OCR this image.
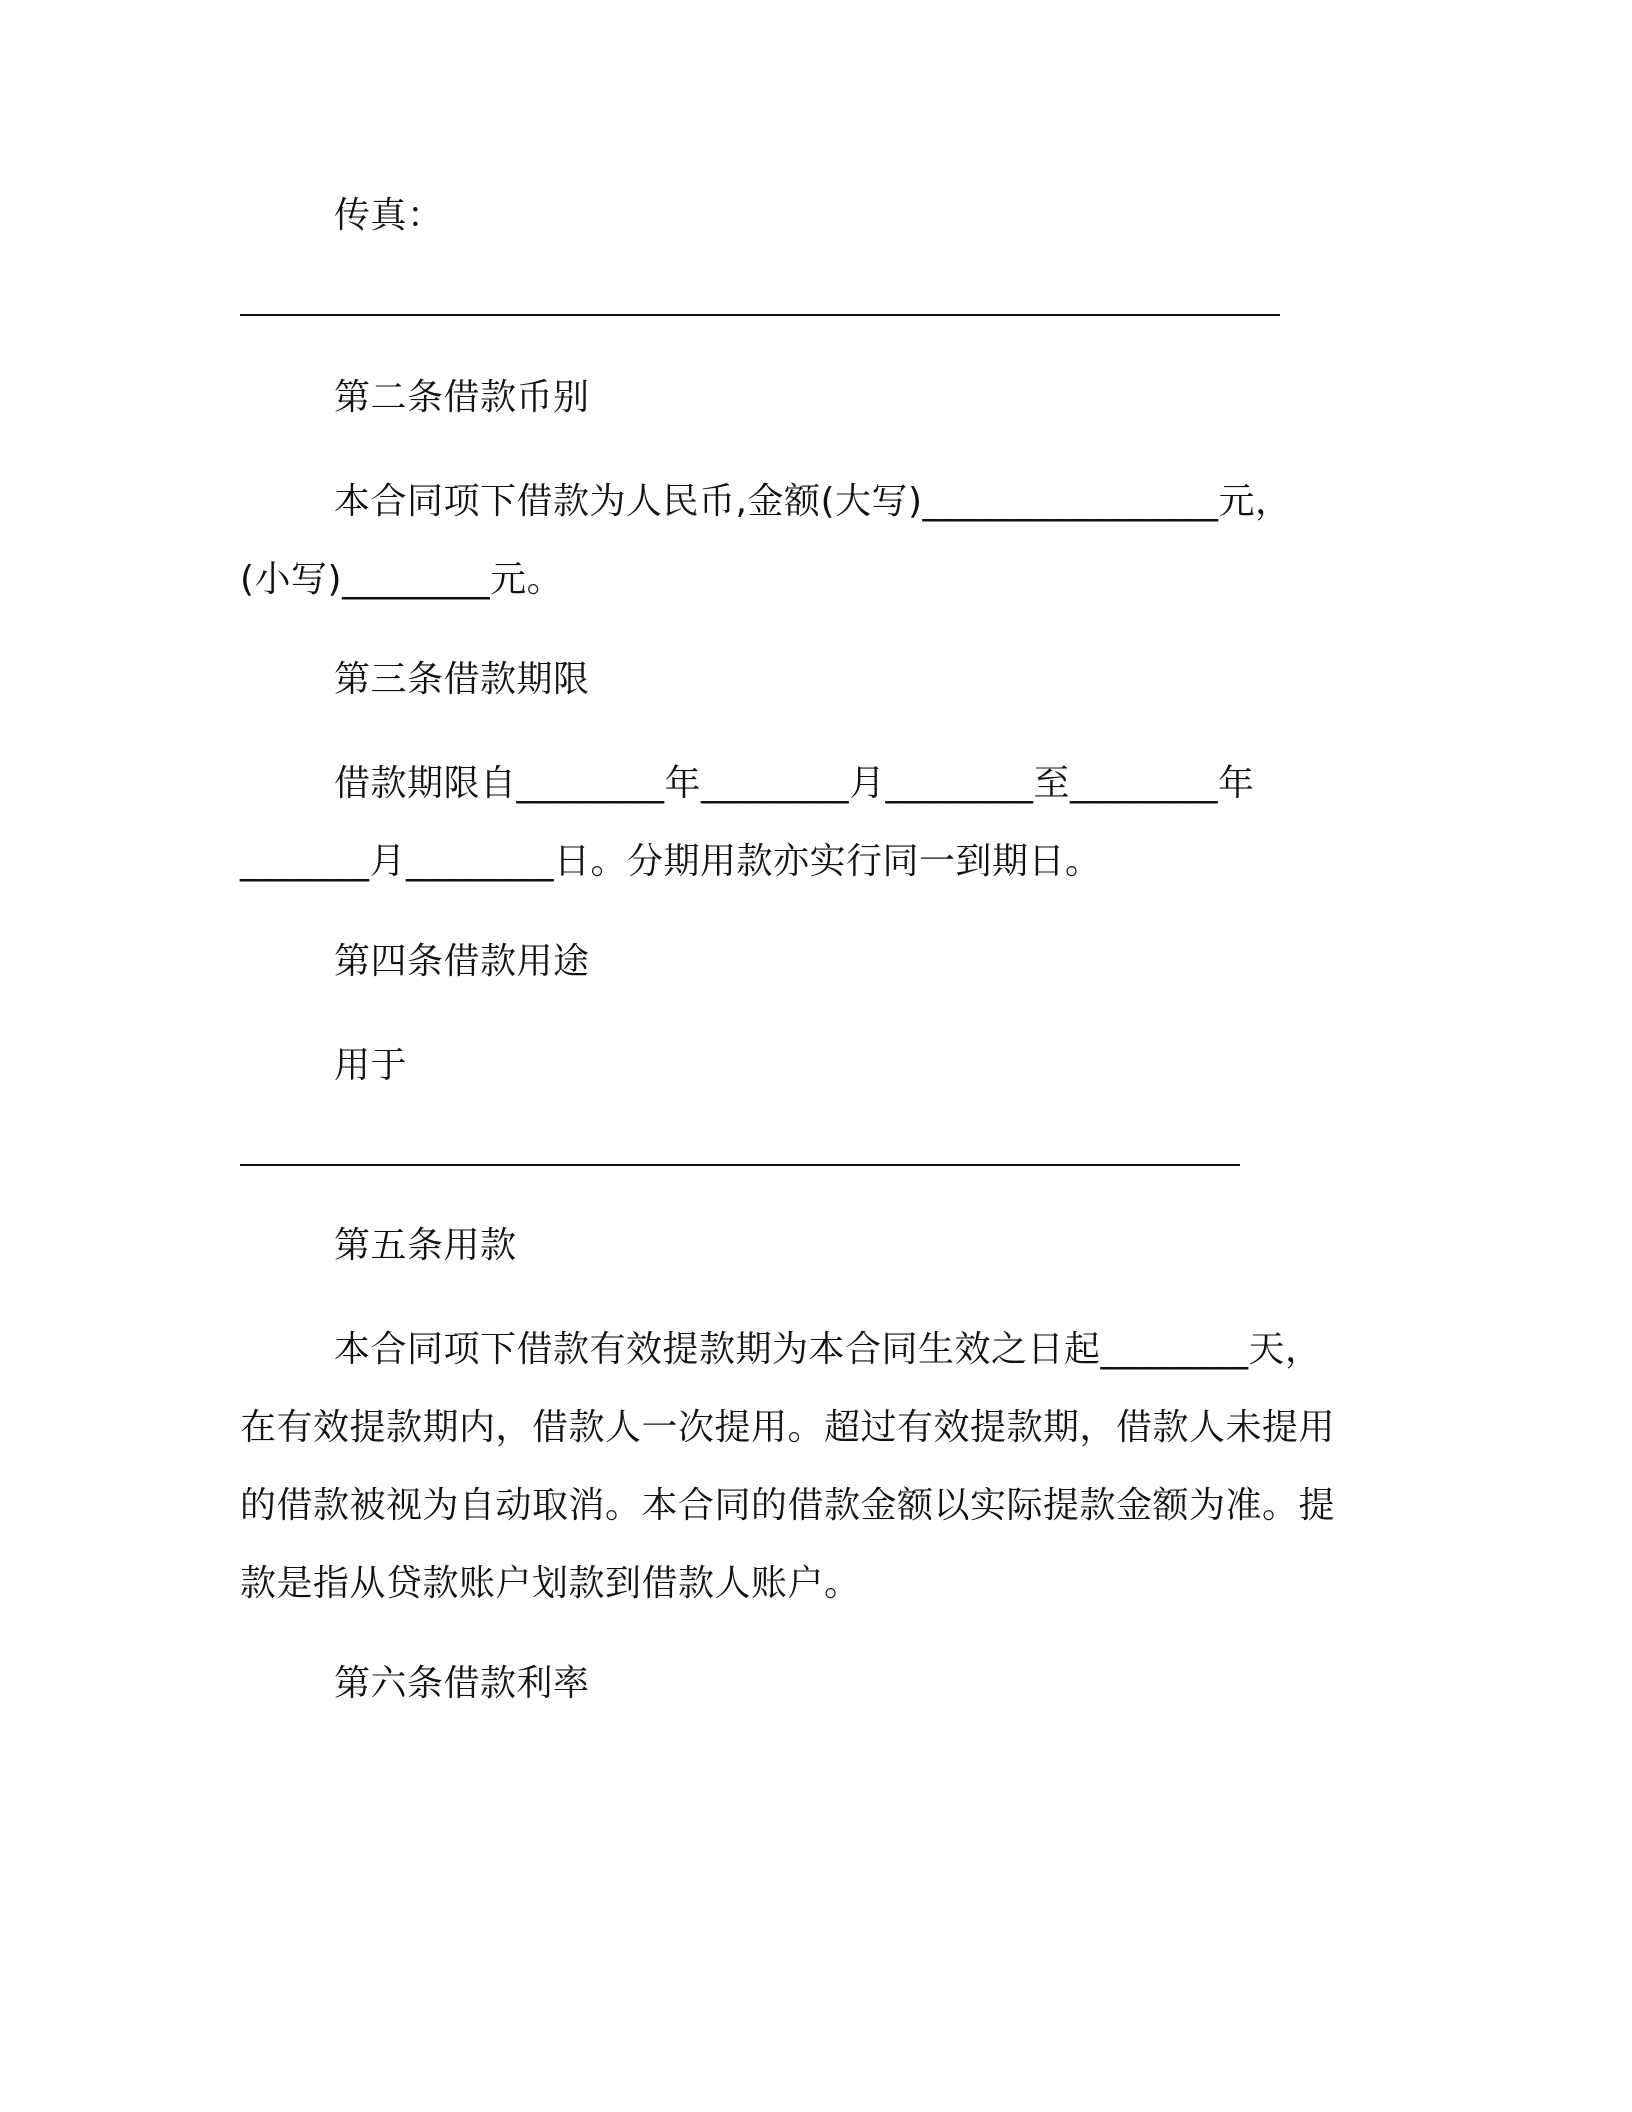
传真：
第二条借款币别
本合同项下借款为人民币,金额(大写)________________元，
(小写)________元。
第三条借款期限
借款期限自________年________月________至________年
_______月________日。分期用款亦实行同一到期日。
第四条借款用途
用于
第五条用款
本合同项下借款有效提款期为本合同生效之日起________天，
在有效提款期内，借款人一次提用。超过有效提款期，借款人未提用
的借款被视为自动取消。本合同的借款金额以实际提款金额为准。提
款是指从贷款账户划款到借款人账户。
第六条借款利率
